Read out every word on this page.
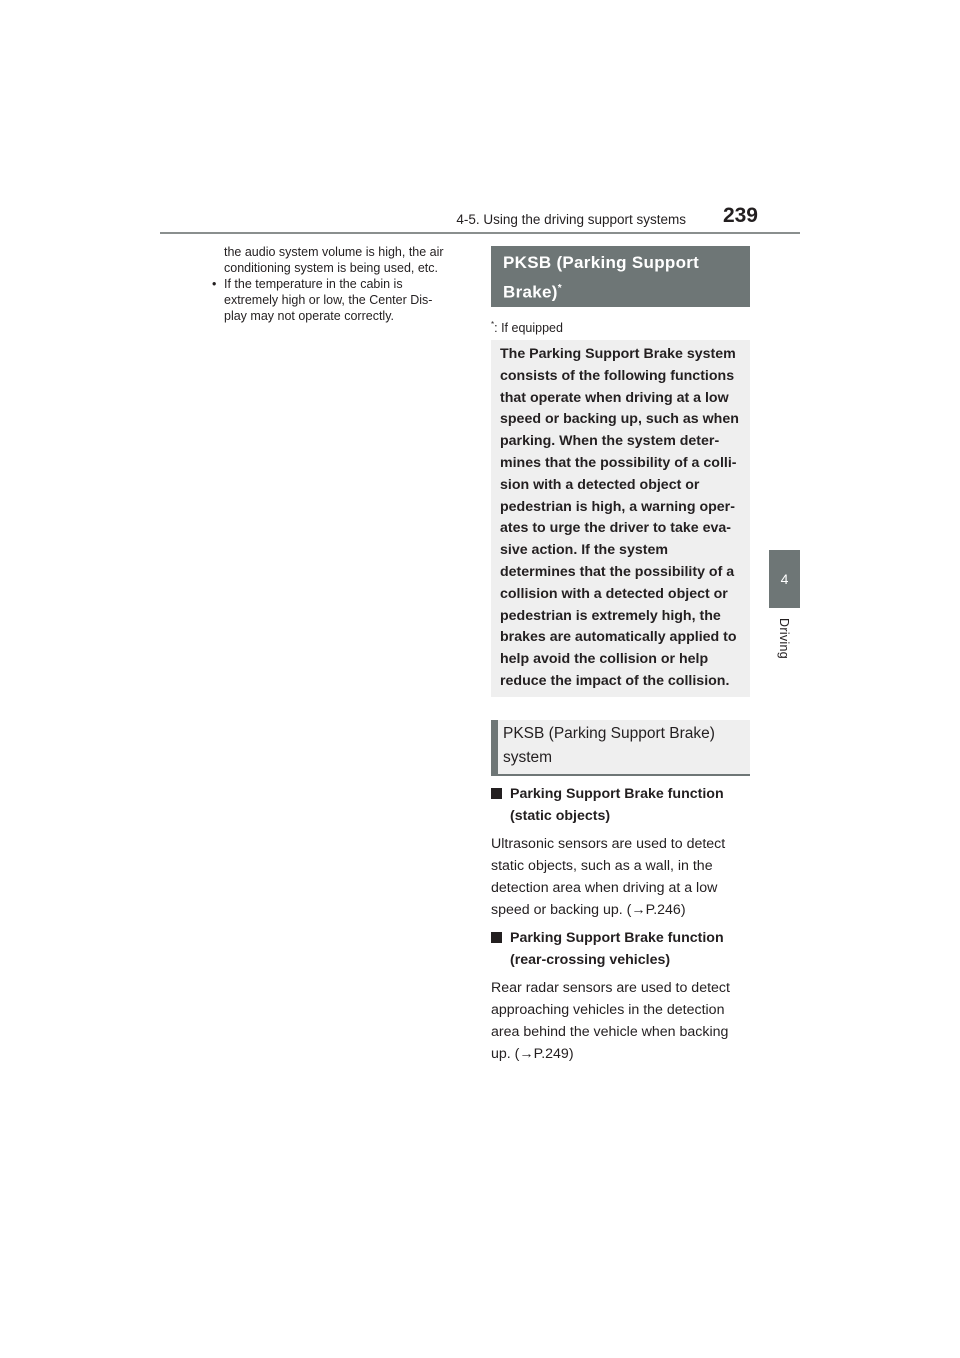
4-5. Using the driving support systems 239
4
Driving
the audio system volume is high, the air
conditioning system is being used, etc.
• If the temperature in the cabin is
extremely high or low, the Center Dis-
play may not operate correctly.
PKSB (Parking Support
Brake)*
*: If equipped

The Parking Support Brake system

consists of the following functions

that operate when driving at a low

speed or backing up, such as when

parking. When the system deter-

mines that the possibility of a colli-

sion with a detected object or

pedestrian is high, a warning oper-

ates to urge the driver to take eva-

sive action. If the system

determines that the possibility of a

collision with a detected object or

pedestrian is extremely high, the

brakes are automatically applied to

help avoid the collision or help

reduce the impact of the collision.

PKSB (Parking Support Brake)
system
Parking Support Brake function
(static objects)
Ultrasonic sensors are used to detect
static objects, such as a wall, in the
detection area when driving at a low
speed or backing up. (→P.246)
Parking Support Brake function
(rear-crossing vehicles)
Rear radar sensors are used to detect
approaching vehicles in the detection
area behind the vehicle when backing
up. (→P.249)
